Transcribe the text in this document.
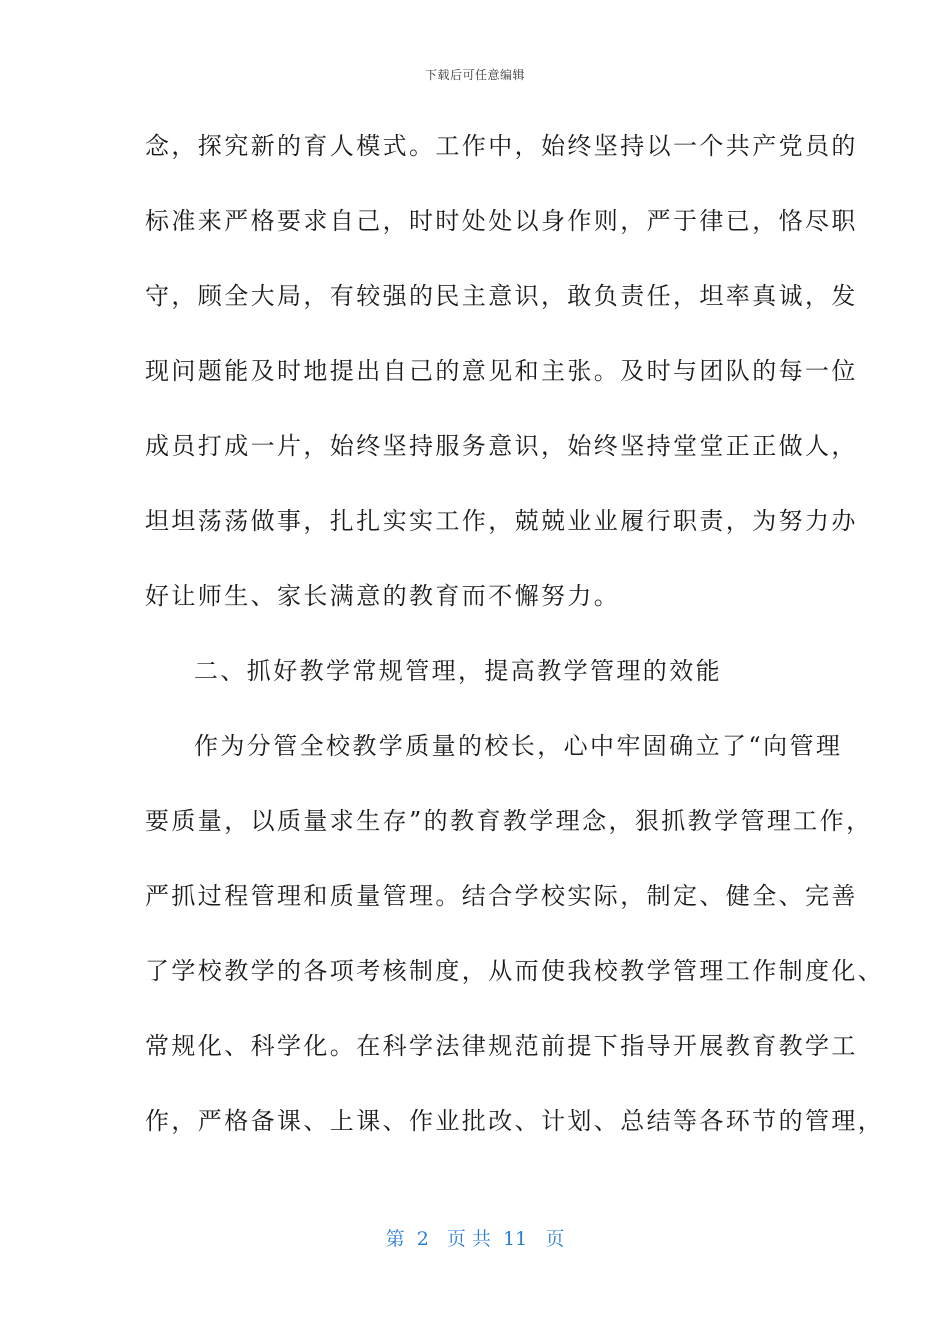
下载后可任意编辑
念，探究新的育人模式。工作中，始终坚持以一个共产党员的
标准来严格要求自己，时时处处以身作则，严于律已，恪尽职
守，顾全大局，有较强的民主意识，敢负责任，坦率真诚，发
现问题能及时地提出自己的意见和主张。及时与团队的每一位
成员打成一片，始终坚持服务意识，始终坚持堂堂正正做人，
坦坦荡荡做事，扎扎实实工作，兢兢业业履行职责，为努力办
好让师生、家长满意的教育而不懈努力。
二、抓好教学常规管理，提高教学管理的效能
作为分管全校教学质量的校长，心中牢固确立了“向管理
要质量，以质量求生存”的教育教学理念，狠抓教学管理工作，
严抓过程管理和质量管理。结合学校实际，制定、健全、完善
了学校教学的各项考核制度，从而使我校教学管理工作制度化、
常规化、科学化。在科学法律规范前提下指导开展教育教学工
作，严格备课、上课、作业批改、计划、总结等各环节的管理，
第  2   页 共  11   页
